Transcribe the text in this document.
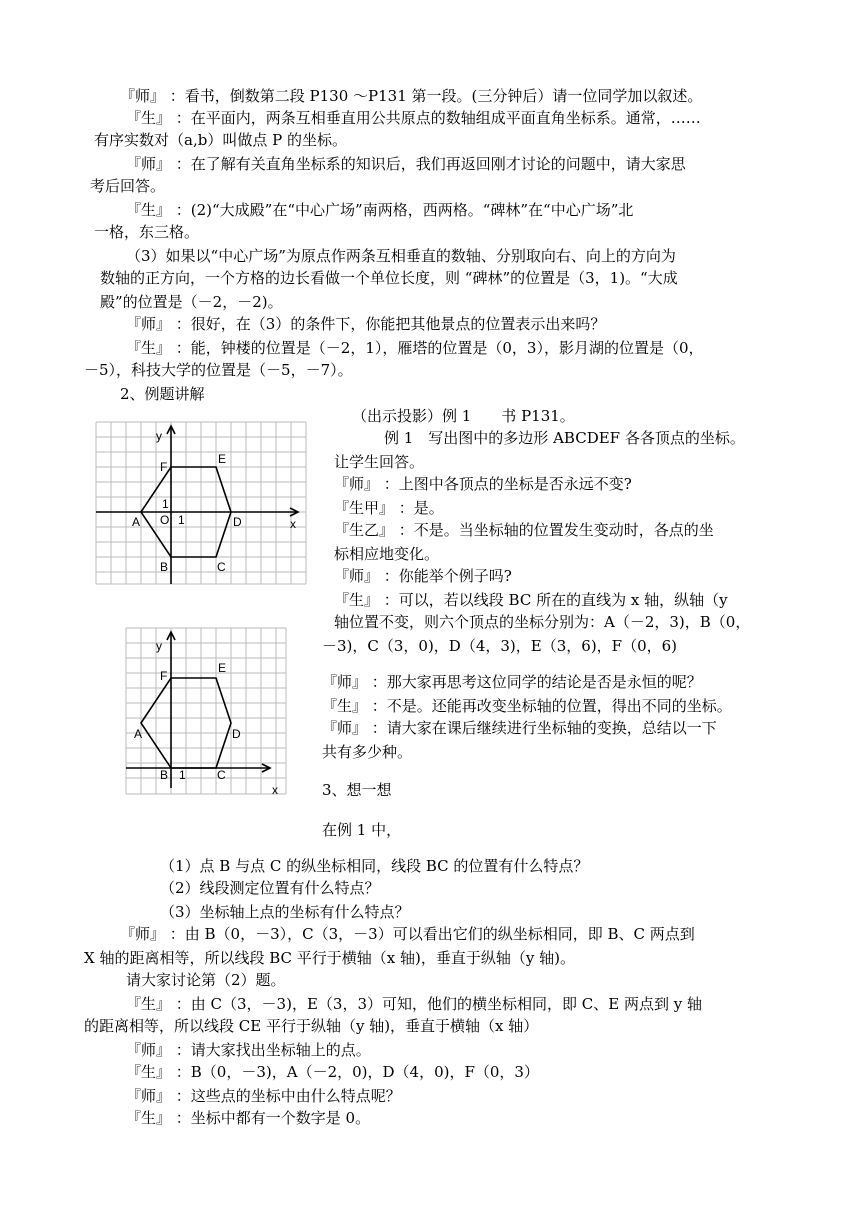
『师』 ：看书，倒数第二段 P130 ～P131 第一段。(三分钟后）请一位同学加以叙述。
『生』 ：在平面内，两条互相垂直用公共原点的数轴组成平面直角坐标系。通常，……
有序实数对（a,b）叫做点 P 的坐标。
『师』 ：在了解有关直角坐标系的知识后，我们再返回刚才讨论的问题中，请大家思
考后回答。
『生』 ：(2)“大成殿”在“中心广场”南两格，西两格。“碑林”在“中心广场”北
一格，东三格。
（3）如果以“中心广场”为原点作两条互相垂直的数轴、分别取向右、向上的方向为
数轴的正方向，一个方格的边长看做一个单位长度，则 “碑林”的位置是（3，1)。“大成
殿”的位置是（－2，－2)。
『师』 ：很好，在（3）的条件下，你能把其他景点的位置表示出来吗？
『生』 ：能，钟楼的位置是（－2，1），雁塔的位置是（0，3），影月湖的位置是（0，
－5），科技大学的位置是（－5，－7）。
2、例题讲解
（出示投影）例 1　　书 P131。
例 1　写出图中的多边形 ABCDEF 各各顶点的坐标。
让学生回答。
『师』 ：上图中各顶点的坐标是否永远不变?
『生甲』 ：是。
『生乙』 ：不是。当坐标轴的位置发生变动时，各点的坐
标相应地变化。
『师』 ：你能举个例子吗?
『生』 ：可以，若以线段 BC 所在的直线为 x 轴，纵轴（y
轴位置不变，则六个顶点的坐标分别为：A（－2，3)，B（0，
－3)，C（3，0)，D（4，3)，E（3，6)，F（0，6)
『师』 ：那大家再思考这位同学的结论是否是永恒的呢？
『生』 ：不是。还能再改变坐标轴的位置，得出不同的坐标。
『师』 ：请大家在课后继续进行坐标轴的变换，总结以一下
共有多少种。
3、想一想
在例 1 中，
（1）点 B 与点 C 的纵坐标相同，线段 BC 的位置有什么特点？
（2）线段测定位置有什么特点？
（3）坐标轴上点的坐标有什么特点？
『师』 ：由 B（0，－3），C（3，－3）可以看出它们的纵坐标相同，即 B、C 两点到
X 轴的距离相等，所以线段 BC 平行于横轴（x 轴)，垂直于纵轴（y 轴)。
请大家讨论第（2）题。
『生』 ：由 C（3，－3)，E（3，3）可知，他们的横坐标相同，即 C、E 两点到 y 轴
的距离相等，所以线段 CE 平行于纵轴（y 轴)，垂直于横轴（x 轴）
『师』 ：请大家找出坐标轴上的点。
『生』 ：B（0，－3)，A（－2，0)，D（4，0)，F（0，3）
『师』 ：这些点的坐标中由什么特点呢？
『生』 ：坐标中都有一个数字是 0。
y
x
O 1
1
A
B	C
D
E
F
y
x
1
A
B	C
D
E
F
